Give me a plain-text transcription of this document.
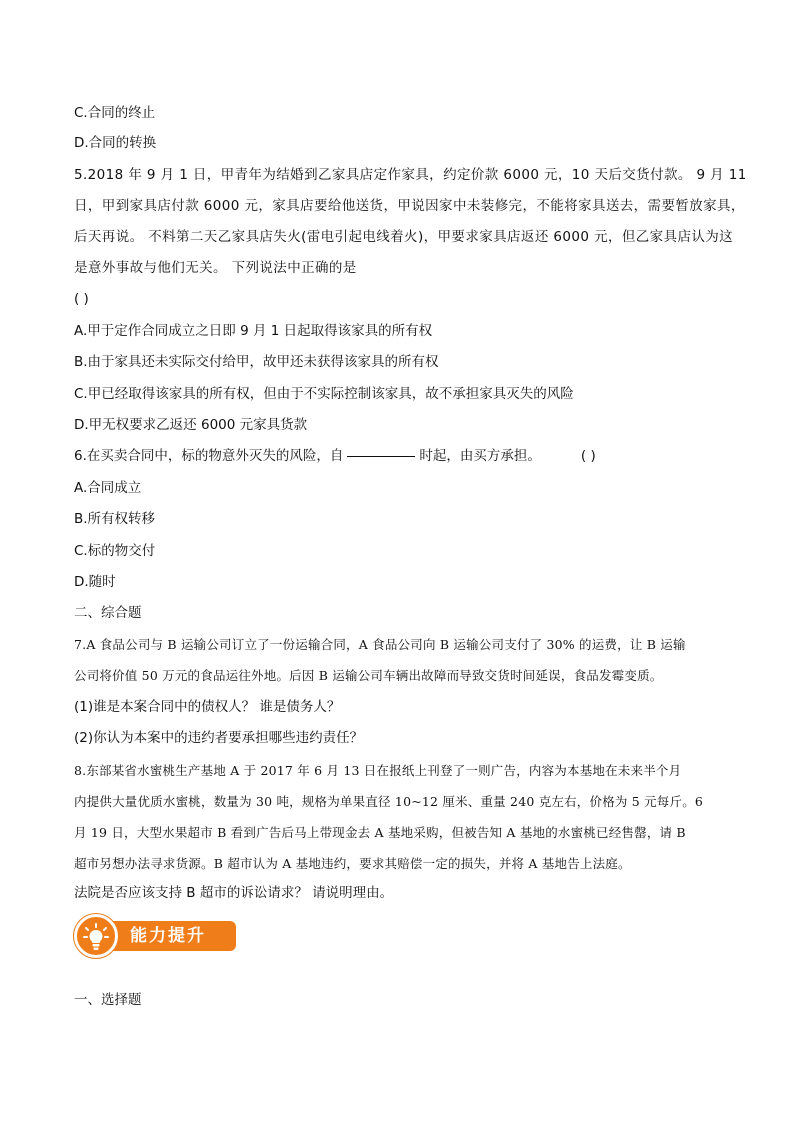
C.合同的终止
D.合同的转换
5.2018 年 9 月 1 日，甲青年为结婚到乙家具店定作家具，约定价款 6000 元，10 天后交货付款。 9 月 11
日，甲到家具店付款 6000 元，家具店要给他送货，甲说因家中未装修完，不能将家具送去，需要暂放家具，
后天再说。 不料第二天乙家具店失火(雷电引起电线着火)，甲要求家具店返还 6000 元，但乙家具店认为这
是意外事故与他们无关。 下列说法中正确的是
( )
A.甲于定作合同成立之日即 9 月 1 日起取得该家具的所有权
B.由于家具还未实际交付给甲，故甲还未获得该家具的所有权
C.甲已经取得该家具的所有权，但由于不实际控制该家具，故不承担家具灭失的风险
D.甲无权要求乙返还 6000 元家具货款
6.在买卖合同中，标的物意外灭失的风险，自	时起，由买方承担。	( )
A.合同成立
B.所有权转移
C.标的物交付
D.随时
二、综合题
7.A 食品公司与 B 运输公司订立了一份运输合同，A 食品公司向 B 运输公司支付了 30% 的运费，让 B 运输
公司将价值 50 万元的食品运往外地。后因 B 运输公司车辆出故障而导致交货时间延误，食品发霉变质。
(1)谁是本案合同中的债权人？ 谁是债务人？
(2)你认为本案中的违约者要承担哪些违约责任？
8.东部某省水蜜桃生产基地 A 于 2017 年 6 月 13 日在报纸上刊登了一则广告，内容为本基地在未来半个月
内提供大量优质水蜜桃，数量为 30 吨，规格为单果直径 10~12 厘米、重量 240 克左右，价格为 5 元每斤。6
月 19 日，大型水果超市 B 看到广告后马上带现金去 A 基地采购，但被告知 A 基地的水蜜桃已经售罄，请 B
超市另想办法寻求货源。B 超市认为 A 基地违约，要求其赔偿一定的损失，并将 A 基地告上法庭。
法院是否应该支持 B 超市的诉讼请求？ 请说明理由。
能力提升
一、选择题
